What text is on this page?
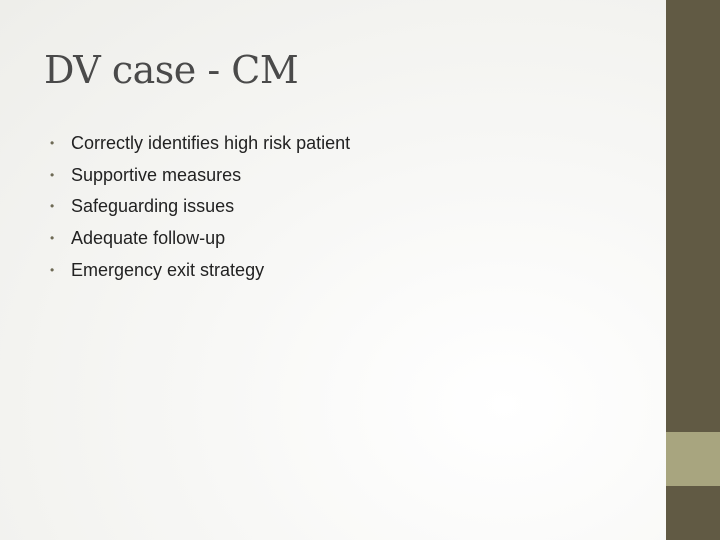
DV case - CM
• Correctly identifies high risk patient
• Supportive measures
• Safeguarding issues
• Adequate follow-up
• Emergency exit strategy
